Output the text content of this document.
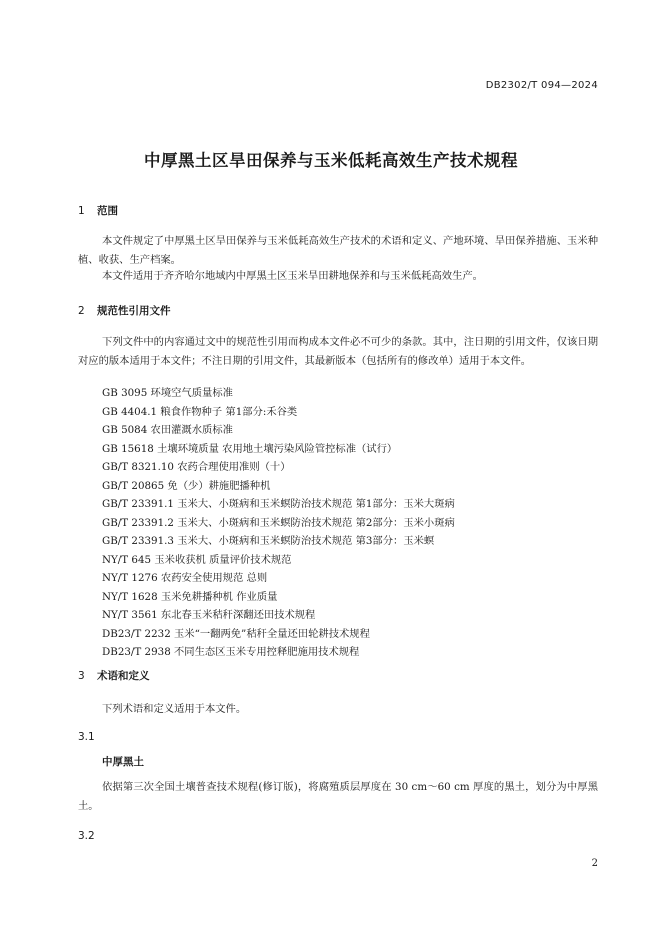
DB2302/T 094—2024
中厚黑土区旱田保养与玉米低耗高效生产技术规程
1 范围
本文件规定了中厚黑土区旱田保养与玉米低耗高效生产技术的术语和定义、产地环境、旱田保养措施、玉米种植、收获、生产档案。
本文件适用于齐齐哈尔地域内中厚黑土区玉米旱田耕地保养和与玉米低耗高效生产。
2 规范性引用文件
下列文件中的内容通过文中的规范性引用而构成本文件必不可少的条款。其中，注日期的引用文件，仅该日期对应的版本适用于本文件；不注日期的引用文件，其最新版本（包括所有的修改单）适用于本文件。
GB 3095 环境空气质量标准
GB 4404.1 粮食作物种子 第1部分:禾谷类
GB 5084 农田灌溉水质标准
GB 15618 土壤环境质量 农用地土壤污染风险管控标准（试行）
GB/T 8321.10 农药合理使用准则（十）
GB/T 20865 免（少）耕施肥播种机
GB/T 23391.1 玉米大、小斑病和玉米螟防治技术规范 第1部分：玉米大斑病
GB/T 23391.2 玉米大、小斑病和玉米螟防治技术规范 第2部分：玉米小斑病
GB/T 23391.3 玉米大、小斑病和玉米螟防治技术规范 第3部分：玉米螟
NY/T 645 玉米收获机 质量评价技术规范
NY/T 1276 农药安全使用规范 总则
NY/T 1628 玉米免耕播种机 作业质量
NY/T 3561 东北春玉米秸秆深翻还田技术规程
DB23/T 2232 玉米“一翻两免”秸秆全量还田轮耕技术规程
DB23/T 2938 不同生态区玉米专用控释肥施用技术规程
3 术语和定义
下列术语和定义适用于本文件。
3.1
中厚黑土
依据第三次全国土壤普查技术规程(修订版)，将腐殖质层厚度在 30 cm～60 cm 厚度的黑土，划分为中厚黑土。
3.2
2
